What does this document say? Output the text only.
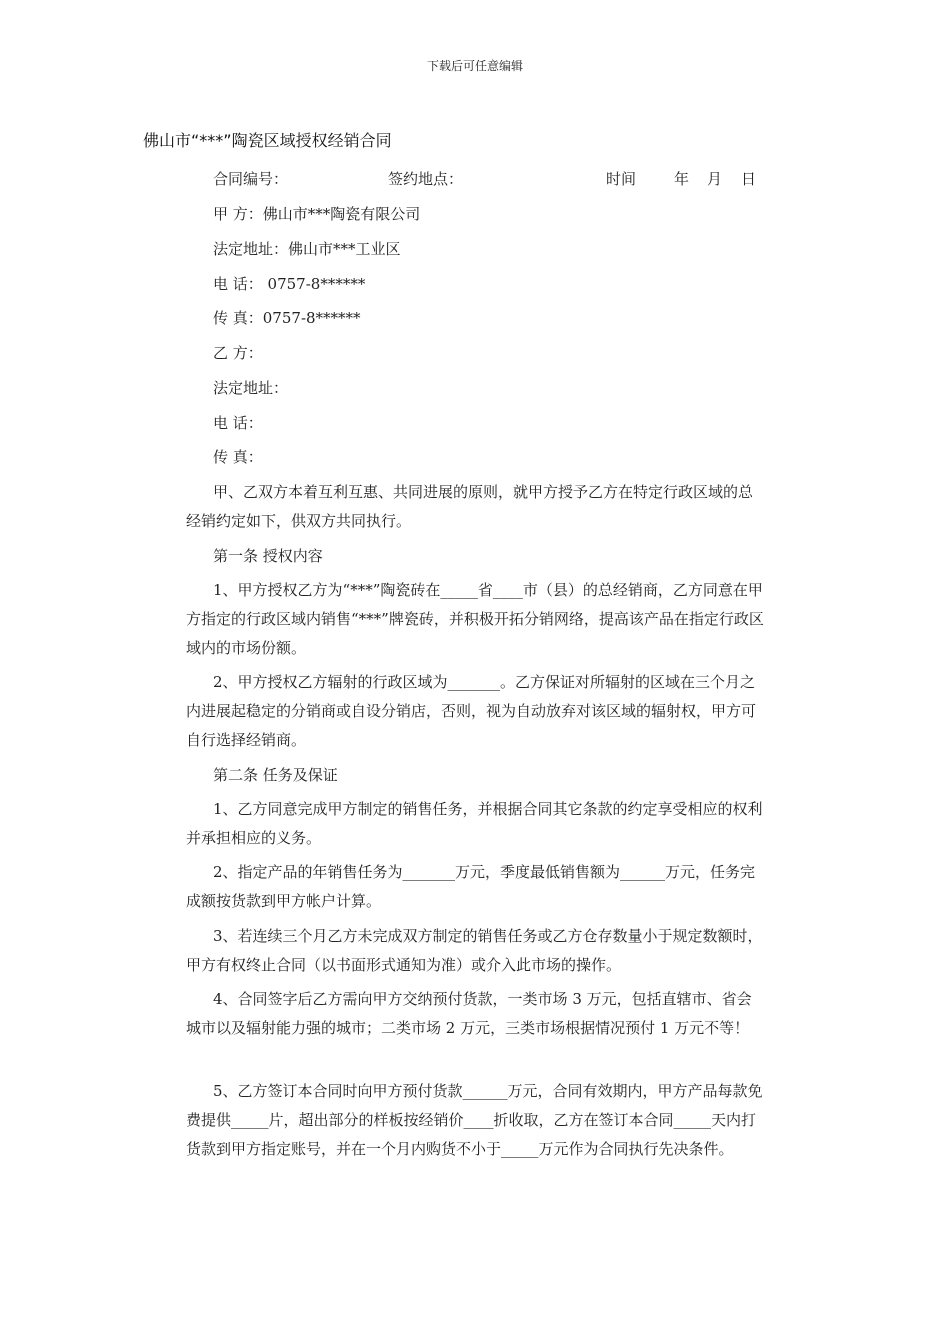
下载后可任意编辑
佛山市“***”陶瓷区域授权经销合同
合同编号：	签约地点：	时间	年 月 日
甲 方：佛山市***陶瓷有限公司
法定地址：佛山市***工业区
电 话： 0757-8******
传 真：0757-8******
乙 方：
法定地址：
电 话：
传 真：
甲、乙双方本着互利互惠、共同进展的原则，就甲方授予乙方在特定行政区域的总经销约定如下，供双方共同执行。
第一条 授权内容
1、甲方授权乙方为“***”陶瓷砖在_____省____市（县）的总经销商，乙方同意在甲方指定的行政区域内销售“***”牌瓷砖，并积极开拓分销网络，提高该产品在指定行政区域内的市场份额。
2、甲方授权乙方辐射的行政区域为_______。乙方保证对所辐射的区域在三个月之内进展起稳定的分销商或自设分销店，否则，视为自动放弃对该区域的辐射权，甲方可自行选择经销商。
第二条 任务及保证
1、乙方同意完成甲方制定的销售任务，并根据合同其它条款的约定享受相应的权利并承担相应的义务。
2、指定产品的年销售任务为_______万元，季度最低销售额为______万元，任务完成额按货款到甲方帐户计算。
3、若连续三个月乙方未完成双方制定的销售任务或乙方仓存数量小于规定数额时，甲方有权终止合同（以书面形式通知为准）或介入此市场的操作。
4、合同签字后乙方需向甲方交纳预付货款，一类市场 3 万元，包括直辖市、省会城市以及辐射能力强的城市；二类市场 2 万元，三类市场根据情况预付 1 万元不等！
5、乙方签订本合同时向甲方预付货款______万元，合同有效期内，甲方产品每款免费提供_____片，超出部分的样板按经销价____折收取，乙方在签订本合同_____天内打货款到甲方指定账号，并在一个月内购货不小于_____万元作为合同执行先决条件。
